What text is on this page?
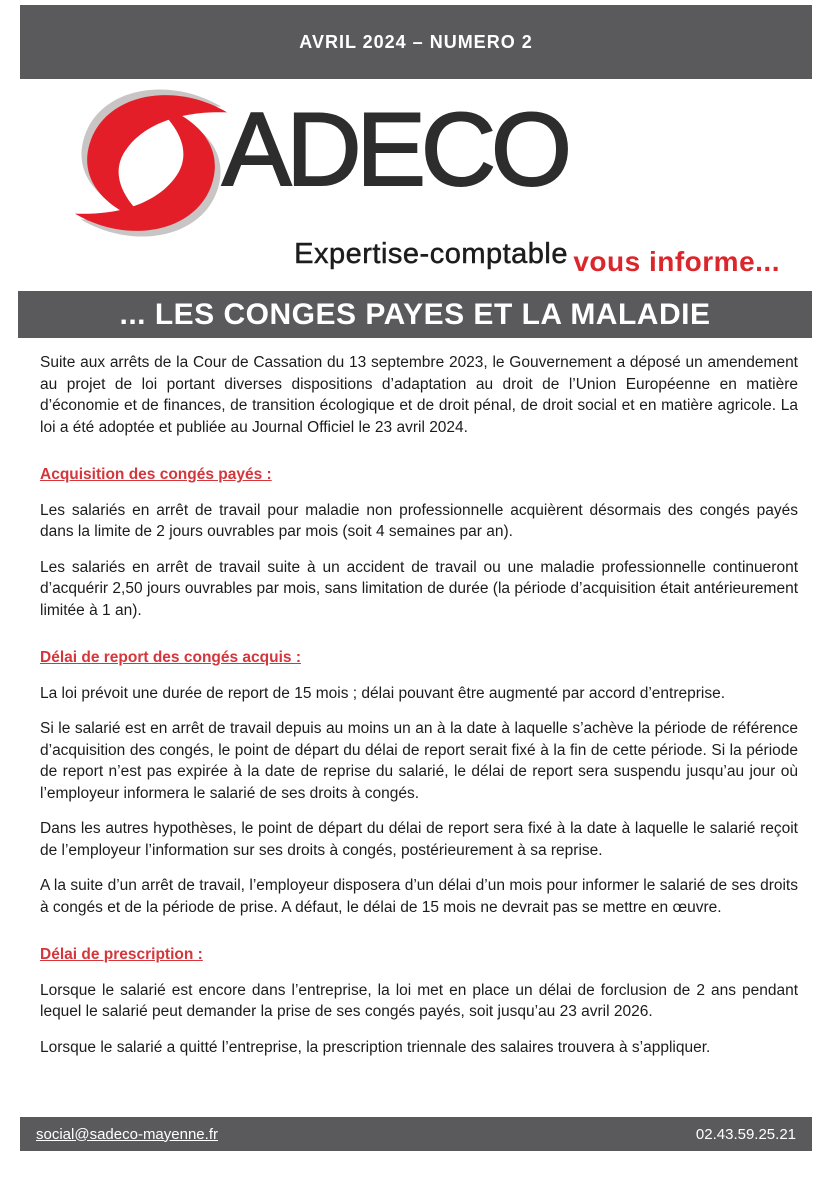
AVRIL 2024 – NUMERO 2
ADECO
Expertise-comptable vous informe...
... LES CONGES PAYES ET LA MALADIE

Suite aux arrêts de la Cour de Cassation du 13 septembre 2023, le Gouvernement a déposé un amendement au projet de loi portant diverses dispositions d’adaptation au droit de l’Union Européenne en matière d’économie et de finances, de transition écologique et de droit pénal, de droit social et en matière agricole. La loi a été adoptée et publiée au Journal Officiel le 23 avril 2024.

Acquisition des congés payés :

Les salariés en arrêt de travail pour maladie non professionnelle acquièrent désormais des congés payés dans la limite de 2 jours ouvrables par mois (soit 4 semaines par an).

Les salariés en arrêt de travail suite à un accident de travail ou une maladie professionnelle continueront d’acquérir 2,50 jours ouvrables par mois, sans limitation de durée (la période d’acquisition était antérieurement limitée à 1 an).

Délai de report des congés acquis :

La loi prévoit une durée de report de 15 mois ; délai pouvant être augmenté par accord d’entreprise.

Si le salarié est en arrêt de travail depuis au moins un an à la date à laquelle s’achève la période de référence d’acquisition des congés, le point de départ du délai de report serait fixé à la fin de cette période. Si la période de report n’est pas expirée à la date de reprise du salarié, le délai de report sera suspendu jusqu’au jour où l’employeur informera le salarié de ses droits à congés.

Dans les autres hypothèses, le point de départ du délai de report sera fixé à la date à laquelle le salarié reçoit de l’employeur l’information sur ses droits à congés, postérieurement à sa reprise.

A la suite d’un arrêt de travail, l’employeur disposera d’un délai d’un mois pour informer le salarié de ses droits à congés et de la période de prise. A défaut, le délai de 15 mois ne devrait pas se mettre en œuvre.

Délai de prescription :

Lorsque le salarié est encore dans l’entreprise, la loi met en place un délai de forclusion de 2 ans pendant lequel le salarié peut demander la prise de ses congés payés, soit jusqu’au 23 avril 2026.

Lorsque le salarié a quitté l’entreprise, la prescription triennale des salaires trouvera à s’appliquer.

social@sadeco-mayenne.fr	02.43.59.25.21
